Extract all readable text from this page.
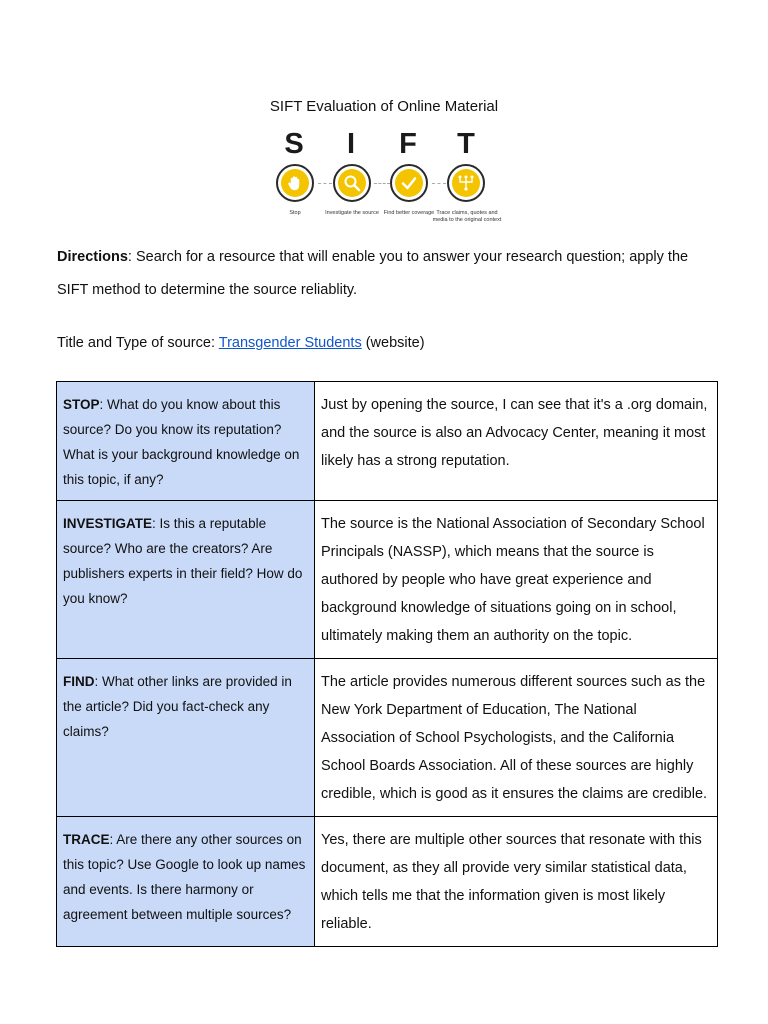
SIFT Evaluation of Online Material
S	I	F	T
Stop	Investigate the source Find better coverage Trace claims, quotes and media to the original context
Directions: Search for a resource that will enable you to answer your research question; apply the SIFT method to determine the source reliablity.
Title and Type of source: Transgender Students (website)
STOP: What do you know about this source? Do you know its reputation? What is your background knowledge on this topic, if any?	Just by opening the source, I can see that it's a .org domain, and the source is also an Advocacy Center, meaning it most likely has a strong reputation.
INVESTIGATE: Is this a reputable source? Who are the creators? Are publishers experts in their field? How do you know?	The source is the National Association of Secondary School Principals (NASSP), which means that the source is authored by people who have great experience and background knowledge of situations going on in school, ultimately making them an authority on the topic.
FIND: What other links are provided in the article? Did you fact-check any claims?	The article provides numerous different sources such as the New York Department of Education, The National Association of School Psychologists, and the California School Boards Association. All of these sources are highly credible, which is good as it ensures the claims are credible.
TRACE: Are there any other sources on this topic? Use Google to look up names and events. Is there harmony or agreement between multiple sources?	Yes, there are multiple other sources that resonate with this document, as they all provide very similar statistical data, which tells me that the information given is most likely reliable.
